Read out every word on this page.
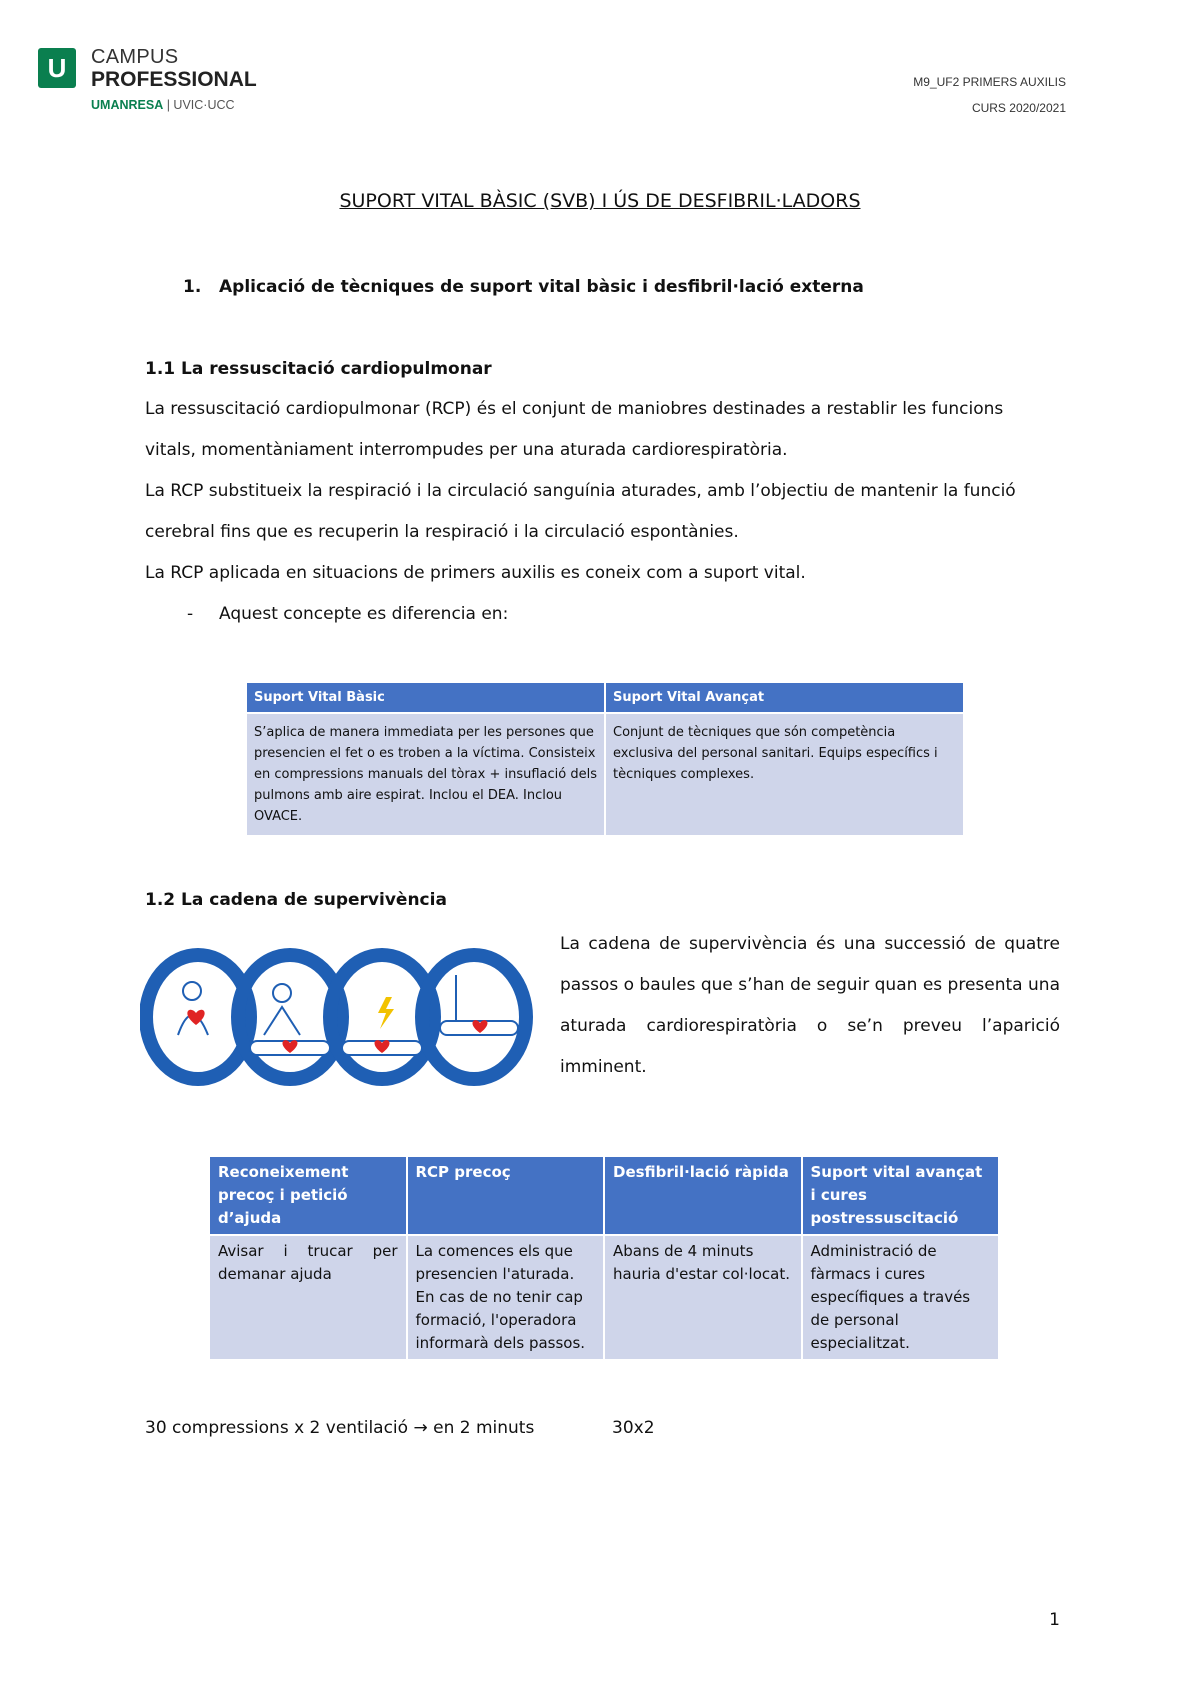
U	CAMPUS
PROFESSIONAL
UMANRESA | UVIC·UCC
M9_UF2 PRIMERS AUXILIS
CURS 2020/2021
SUPORT VITAL BÀSIC (SVB) I ÚS DE DESFIBRIL·LADORS
1. Aplicació de tècniques de suport vital bàsic i desfibril·lació externa
1.1 La ressuscitació cardiopulmonar
La ressuscitació cardiopulmonar (RCP) és el conjunt de maniobres destinades a restablir les funcions
vitals, momentàniament interrompudes per una aturada cardiorespiratòria.
La RCP substitueix la respiració i la circulació sanguínia aturades, amb l’objectiu de mantenir la funció
cerebral fins que es recuperin la respiració i la circulació espontànies.
La RCP aplicada en situacions de primers auxilis es coneix com a suport vital.
- Aquest concepte es diferencia en:
Suport Vital Bàsic	Suport Vital Avançat
S’aplica de manera immediata per les persones que presencien el fet o es troben a la víctima. Consisteix en compressions manuals del tòrax + insuflació dels pulmons amb aire espirat. Inclou el DEA. Inclou OVACE.	Conjunt de tècniques que són competència exclusiva del personal sanitari. Equips específics i tècniques complexes.
1.2 La cadena de supervivència
La cadena de supervivència és una successió de quatre passos o baules que s’han de seguir quan es presenta una aturada cardiorespiratòria o se’n preveu l’aparició imminent.
Reconeixement precoç i petició d’ajuda	RCP precoç	Desfibril·lació ràpida	Suport vital avançat i cures postressuscitació
Avisar i trucar per demanar ajuda	La comences els que presencien l'aturada. En cas de no tenir cap formació, l'operadora informarà dels passos.	Abans de 4 minuts hauria d'estar col·locat.	Administració de fàrmacs i cures específiques a través de personal especialitzat.
30 compressions x 2 ventilació → en 2 minuts	30x2
1
